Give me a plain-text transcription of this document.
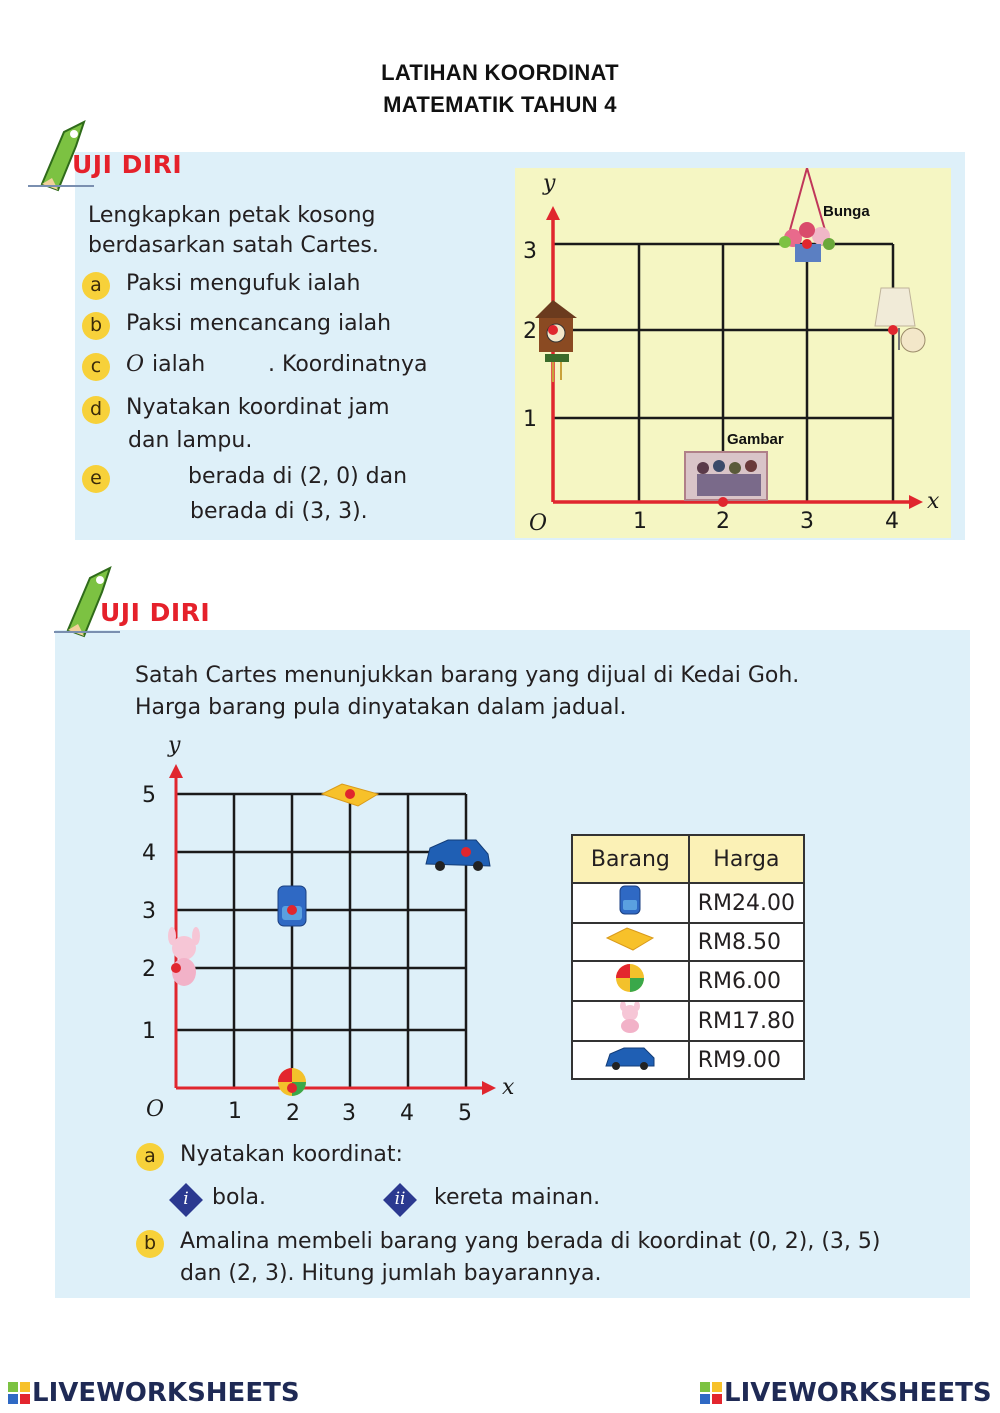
LATIHAN KOORDINAT
MATEMATIK TAHUN 4
UJI DIRI
Lengkapkan petak kosong
berdasarkan satah Cartes.
a	Paksi mengufuk ialah
b	Paksi mencancang ialah
c	O ialah	. Koordinatnya
d	Nyatakan koordinat jam
dan lampu.
e	berada di (2, 0) dan
berada di (3, 3).
y
x
O	1	2	3	4
1
2
3
Bunga
Gambar
UJI DIRI
Satah Cartes menunjukkan barang yang dijual di Kedai Goh.
Harga barang pula dinyatakan dalam jadual.
y
x
O	1 2 3 4 5
1
2
3
4
5
Barang	Harga
	RM24.00
	RM8.50
	RM6.00
	RM17.80
	RM9.00
a	Nyatakan koordinat:
i	bola.	ii	kereta mainan.
b	Amalina membeli barang yang berada di koordinat (0, 2), (3, 5)
dan (2, 3). Hitung jumlah bayarannya.
LIVEWORKSHEETS	LIVEWORKSHEETS
